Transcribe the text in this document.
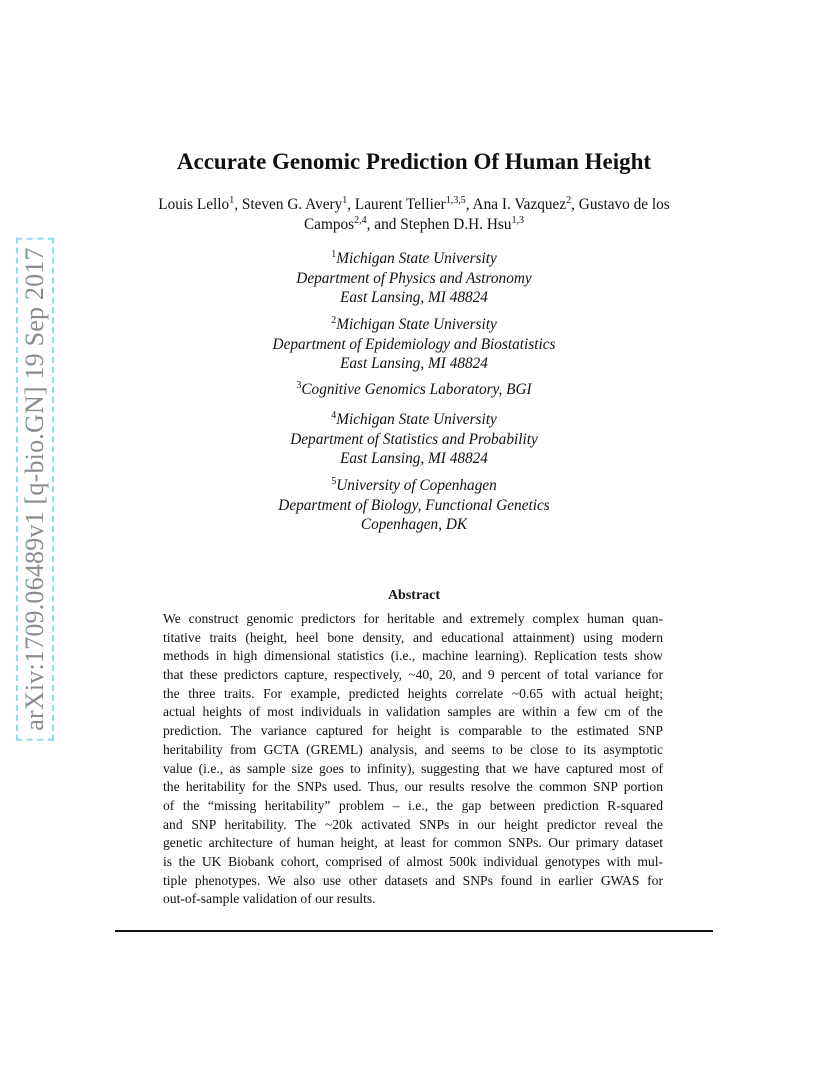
arXiv:1709.06489v1 [q-bio.GN] 19 Sep 2017
Accurate Genomic Prediction Of Human Height
Louis Lello$^1$, Steven G. Avery$^1$, Laurent Tellier$^{1,3,5}$, Ana I. Vazquez$^2$, Gustavo de los
Campos$^{2,4}$, and Stephen D.H. Hsu$^{1,3}$
$^1$Michigan State University
Department of Physics and Astronomy
East Lansing, MI 48824
$^2$Michigan State University
Department of Epidemiology and Biostatistics
East Lansing, MI 48824
$^3$Cognitive Genomics Laboratory, BGI
$^4$Michigan State University
Department of Statistics and Probability
East Lansing, MI 48824
$^5$University of Copenhagen
Department of Biology, Functional Genetics
Copenhagen, DK
Abstract
We construct genomic predictors for heritable and extremely complex human quan-
titative traits (height, heel bone density, and educational attainment) using modern
methods in high dimensional statistics (i.e., machine learning). Replication tests show
that these predictors capture, respectively, ~40, 20, and 9 percent of total variance for
the three traits. For example, predicted heights correlate ~0.65 with actual height;
actual heights of most individuals in validation samples are within a few cm of the
prediction. The variance captured for height is comparable to the estimated SNP
heritability from GCTA (GREML) analysis, and seems to be close to its asymptotic
value (i.e., as sample size goes to infinity), suggesting that we have captured most of
the heritability for the SNPs used. Thus, our results resolve the common SNP portion
of the “missing heritability” problem – i.e., the gap between prediction R-squared
and SNP heritability. The ~20k activated SNPs in our height predictor reveal the
genetic architecture of human height, at least for common SNPs. Our primary dataset
is the UK Biobank cohort, comprised of almost 500k individual genotypes with mul-
tiple phenotypes. We also use other datasets and SNPs found in earlier GWAS for
out-of-sample validation of our results.
